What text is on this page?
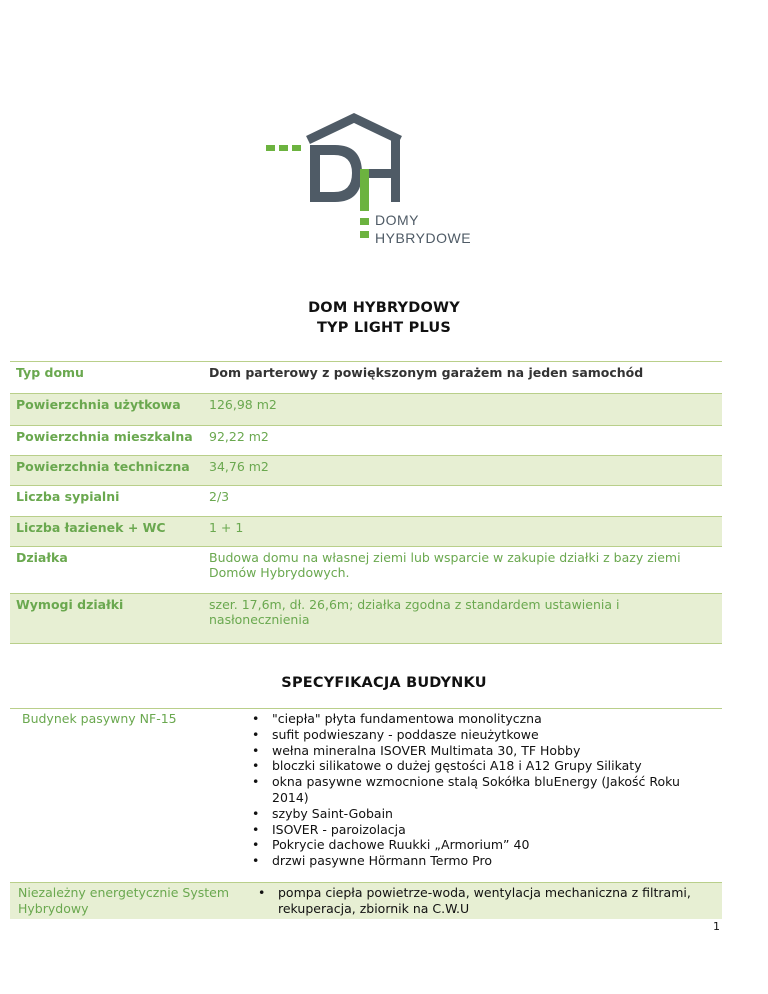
DOMY
HYBRYDOWE
DOM HYBRYDOWY
TYP LIGHT PLUS
Typ domu	Dom parterowy z powiększonym garażem na jeden samochód
Powierzchnia użytkowa	126,98 m2
Powierzchnia mieszkalna	92,22 m2
Powierzchnia techniczna	34,76 m2
Liczba sypialni	2/3
Liczba łazienek + WC	1 + 1
Działka	Budowa domu na własnej ziemi lub wsparcie w zakupie działki z bazy ziemi Domów Hybrydowych.
Wymogi działki	szer. 17,6m, dł. 26,6m; działka zgodna z standardem ustawienia i nasłonecznienia
SPECYFIKACJA BUDYNKU
Budynek pasywny NF-15	
•"ciepła" płyta fundamentowa monolityczna
• sufit podwieszany - poddasze nieużytkowe
• wełna mineralna ISOVER Multimata 30, TF Hobby
• bloczki silikatowe o dużej gęstości A18 i A12 Grupy Silikaty
• okna pasywne wzmocnione stalą Sokółka bluEnergy (Jakość Roku 2014)
• szyby Saint-Gobain
• ISOVER - paroizolacja
• Pokrycie dachowe Ruukki „Armorium” 40
• drzwi pasywne Hörmann Termo Pro
Niezależny energetycznie System Hybrydowy	
• pompa ciepła powietrze-woda, wentylacja mechaniczna z filtrami, rekuperacja, zbiornik na C.W.U
1
